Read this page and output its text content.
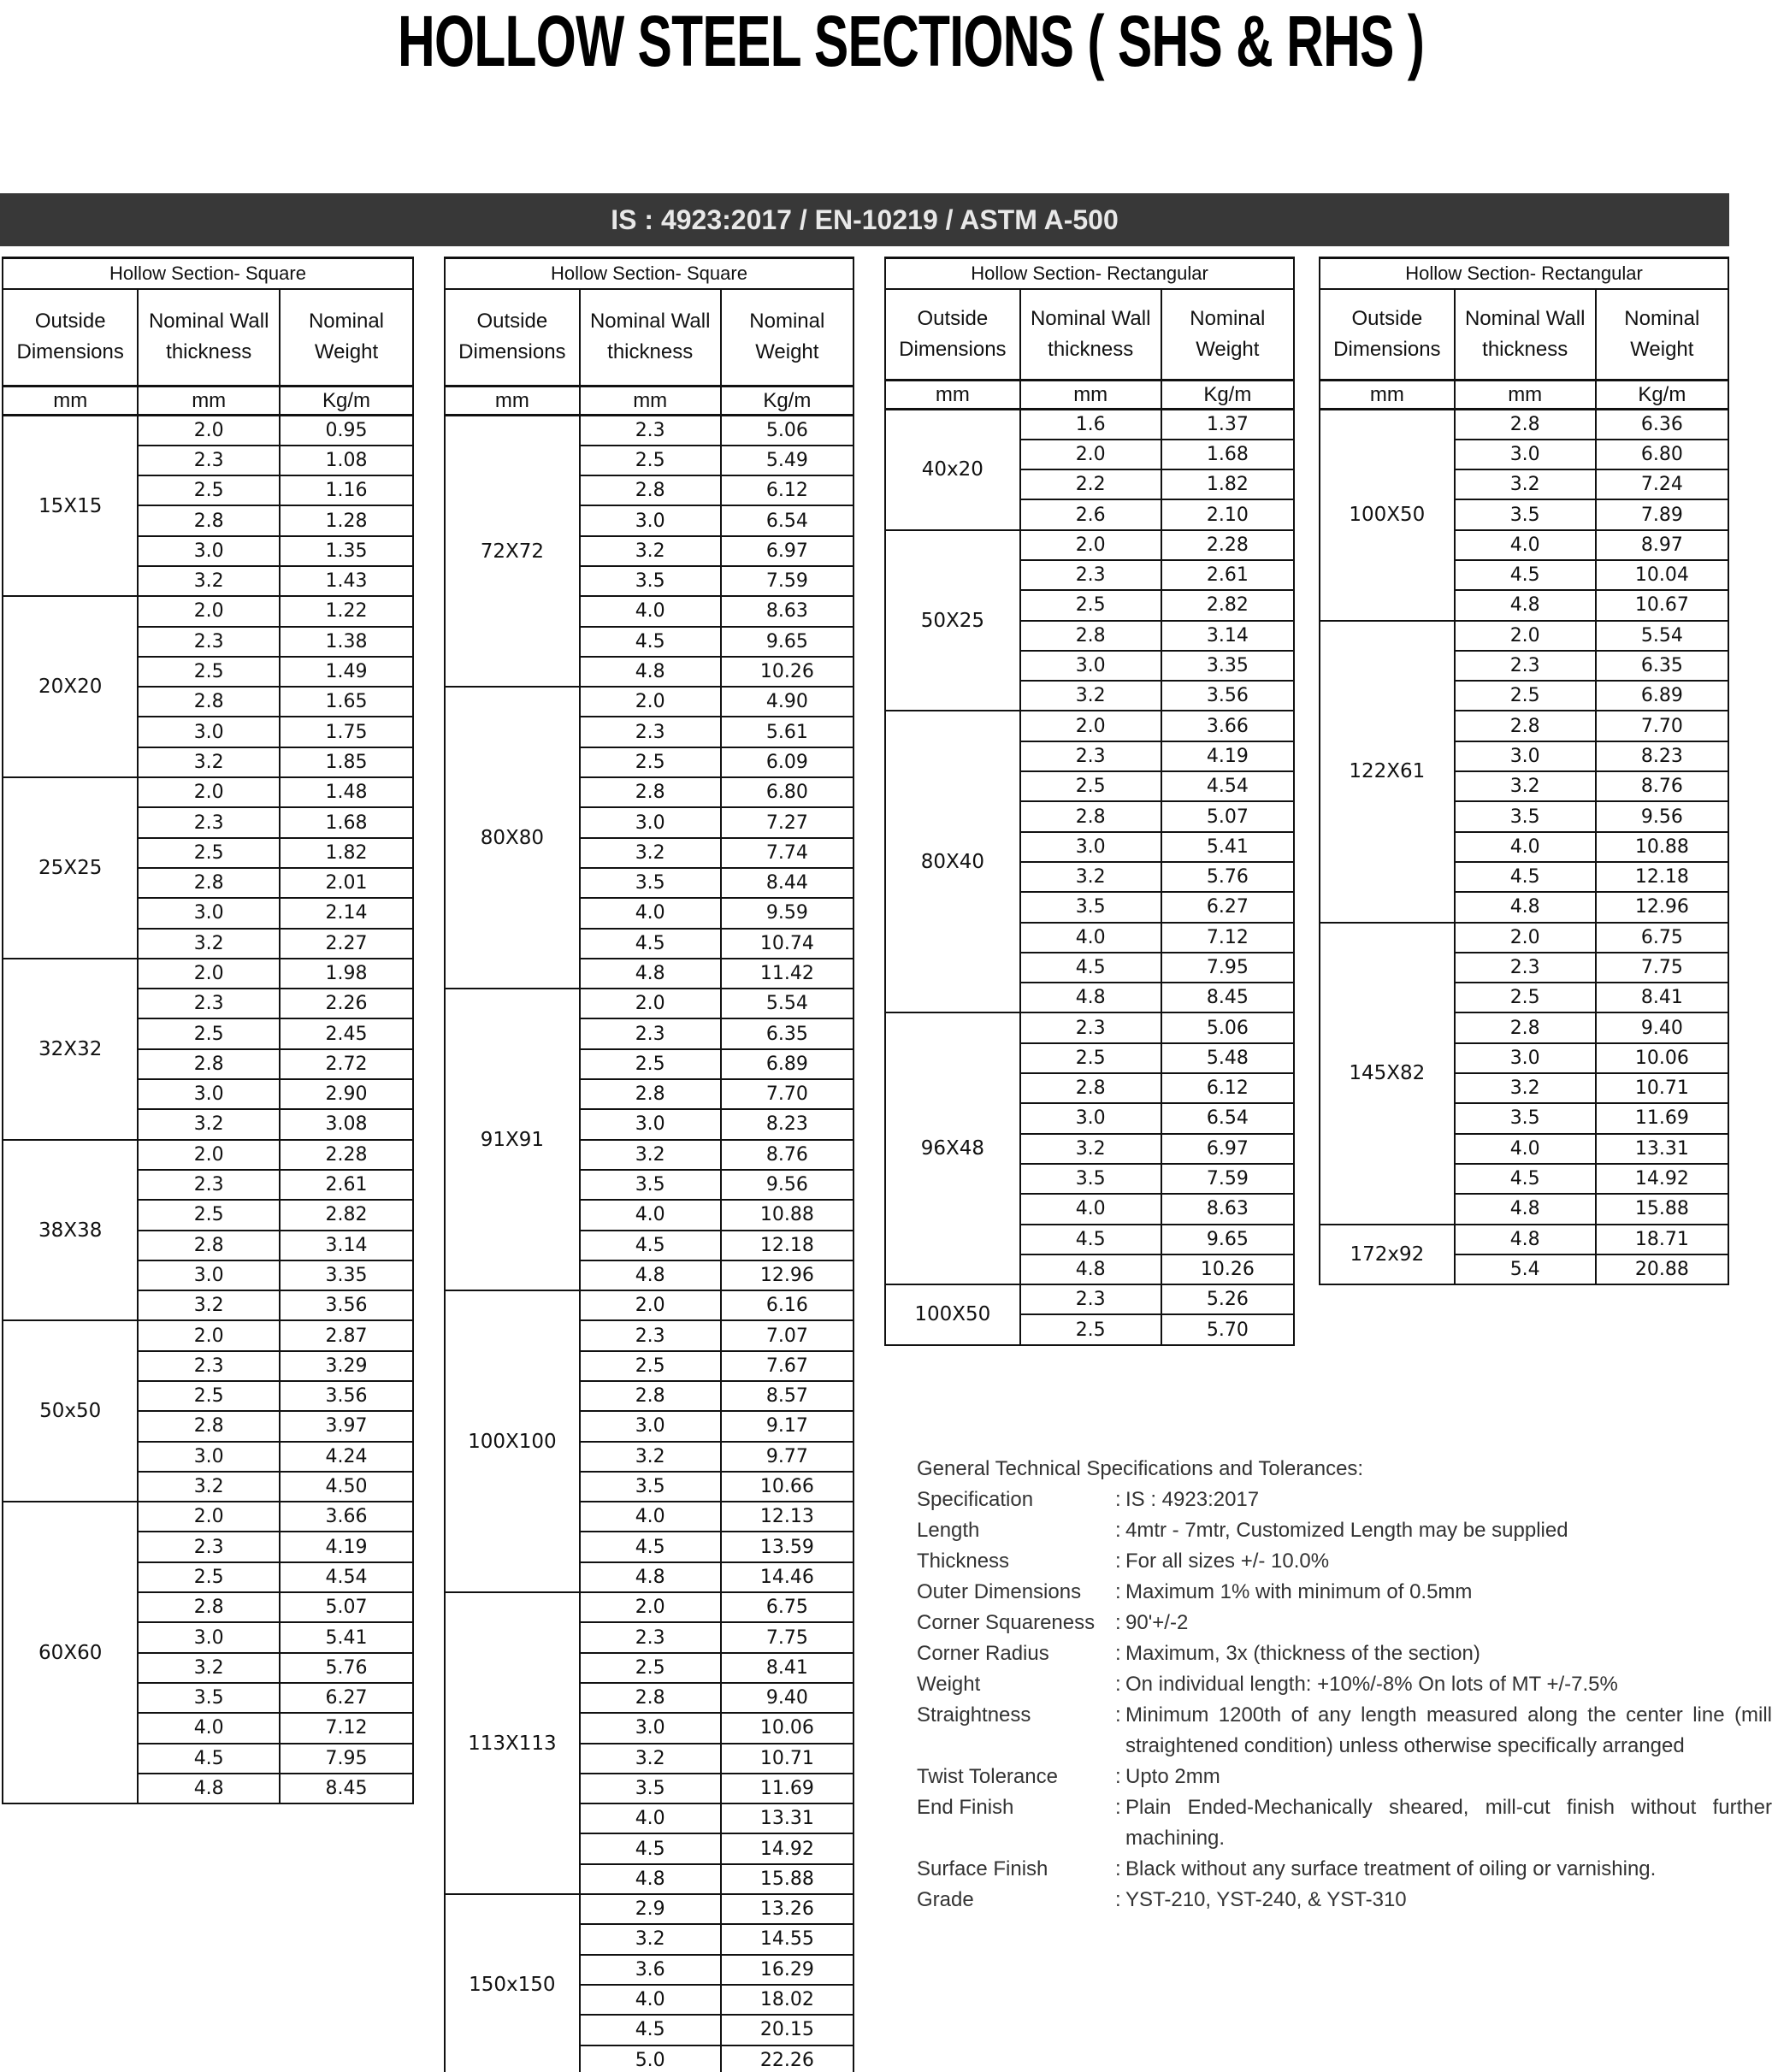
HOLLOW STEEL SECTIONS ( SHS & RHS )
IS : 4923:2017 / EN-10219 / ASTM A-500
Hollow Section- Square		
Outside Dimensions	Nominal Wall thickness	Nominal Weight
mm	mm	Kg/m
15X15	2.0	0.95
	2.3	1.08
	2.5	1.16
	2.8	1.28
	3.0	1.35
	3.2	1.43
20X20	2.0	1.22
	2.3	1.38
	2.5	1.49
	2.8	1.65
	3.0	1.75
	3.2	1.85
25X25	2.0	1.48
	2.3	1.68
	2.5	1.82
	2.8	2.01
	3.0	2.14
	3.2	2.27
32X32	2.0	1.98
	2.3	2.26
	2.5	2.45
	2.8	2.72
	3.0	2.90
	3.2	3.08
38X38	2.0	2.28
	2.3	2.61
	2.5	2.82
	2.8	3.14
	3.0	3.35
	3.2	3.56
50x50	2.0	2.87
	2.3	3.29
	2.5	3.56
	2.8	3.97
	3.0	4.24
	3.2	4.50
60X60	2.0	3.66
	2.3	4.19
	2.5	4.54
	2.8	5.07
	3.0	5.41
	3.2	5.76
	3.5	6.27
	4.0	7.12
	4.5	7.95
	4.8	8.45
Hollow Section- Square		
Outside Dimensions	Nominal Wall thickness	Nominal Weight
mm	mm	Kg/m
72X72	2.3	5.06
	2.5	5.49
	2.8	6.12
	3.0	6.54
	3.2	6.97
	3.5	7.59
	4.0	8.63
	4.5	9.65
	4.8	10.26
80X80	2.0	4.90
	2.3	5.61
	2.5	6.09
	2.8	6.80
	3.0	7.27
	3.2	7.74
	3.5	8.44
	4.0	9.59
	4.5	10.74
	4.8	11.42
91X91	2.0	5.54
	2.3	6.35
	2.5	6.89
	2.8	7.70
	3.0	8.23
	3.2	8.76
	3.5	9.56
	4.0	10.88
	4.5	12.18
	4.8	12.96
100X100	2.0	6.16
	2.3	7.07
	2.5	7.67
	2.8	8.57
	3.0	9.17
	3.2	9.77
	3.5	10.66
	4.0	12.13
	4.5	13.59
	4.8	14.46
113X113	2.0	6.75
	2.3	7.75
	2.5	8.41
	2.8	9.40
	3.0	10.06
	3.2	10.71
	3.5	11.69
	4.0	13.31
	4.5	14.92
	4.8	15.88
150x150	2.9	13.26
	3.2	14.55
	3.6	16.29
	4.0	18.02
	4.5	20.15
	5.0	22.26
Hollow Section- Rectangular		
Outside Dimensions	Nominal Wall thickness	Nominal Weight
mm	mm	Kg/m
40x20	1.6	1.37
	2.0	1.68
	2.2	1.82
	2.6	2.10
50X25	2.0	2.28
	2.3	2.61
	2.5	2.82
	2.8	3.14
	3.0	3.35
	3.2	3.56
80X40	2.0	3.66
	2.3	4.19
	2.5	4.54
	2.8	5.07
	3.0	5.41
	3.2	5.76
	3.5	6.27
	4.0	7.12
	4.5	7.95
	4.8	8.45
96X48	2.3	5.06
	2.5	5.48
	2.8	6.12
	3.0	6.54
	3.2	6.97
	3.5	7.59
	4.0	8.63
	4.5	9.65
	4.8	10.26
100X50	2.3	5.26
	2.5	5.70
Hollow Section- Rectangular		
Outside Dimensions	Nominal Wall thickness	Nominal Weight
mm	mm	Kg/m
100X50	2.8	6.36
	3.0	6.80
	3.2	7.24
	3.5	7.89
	4.0	8.97
	4.5	10.04
	4.8	10.67
122X61	2.0	5.54
	2.3	6.35
	2.5	6.89
	2.8	7.70
	3.0	8.23
	3.2	8.76
	3.5	9.56
	4.0	10.88
	4.5	12.18
	4.8	12.96
145X82	2.0	6.75
	2.3	7.75
	2.5	8.41
	2.8	9.40
	3.0	10.06
	3.2	10.71
	3.5	11.69
	4.0	13.31
	4.5	14.92
	4.8	15.88
172x92	4.8	18.71
	5.4	20.88
General Technical Specifications and Tolerances:
Specification	: IS : 4923:2017
Length	: 4mtr - 7mtr, Customized Length may be supplied
Thickness	: For all sizes +/- 10.0%
Outer Dimensions	: Maximum 1% with minimum of 0.5mm
Corner Squareness : 90'+/-2
Corner Radius	: Maximum, 3x (thickness of the section)
Weight	: On individual length: +10%/-8% On lots of MT +/-7.5%
Straightness	: Minimum 1200th of any length measured along the center line (mill straightened condition) unless otherwise specifically arranged
Twist Tolerance	: Upto 2mm
End Finish	: Plain Ended-Mechanically sheared, mill-cut finish without further machining.
Surface Finish	: Black without any surface treatment of oiling or varnishing.
Grade	: YST-210, YST-240, & YST-310
